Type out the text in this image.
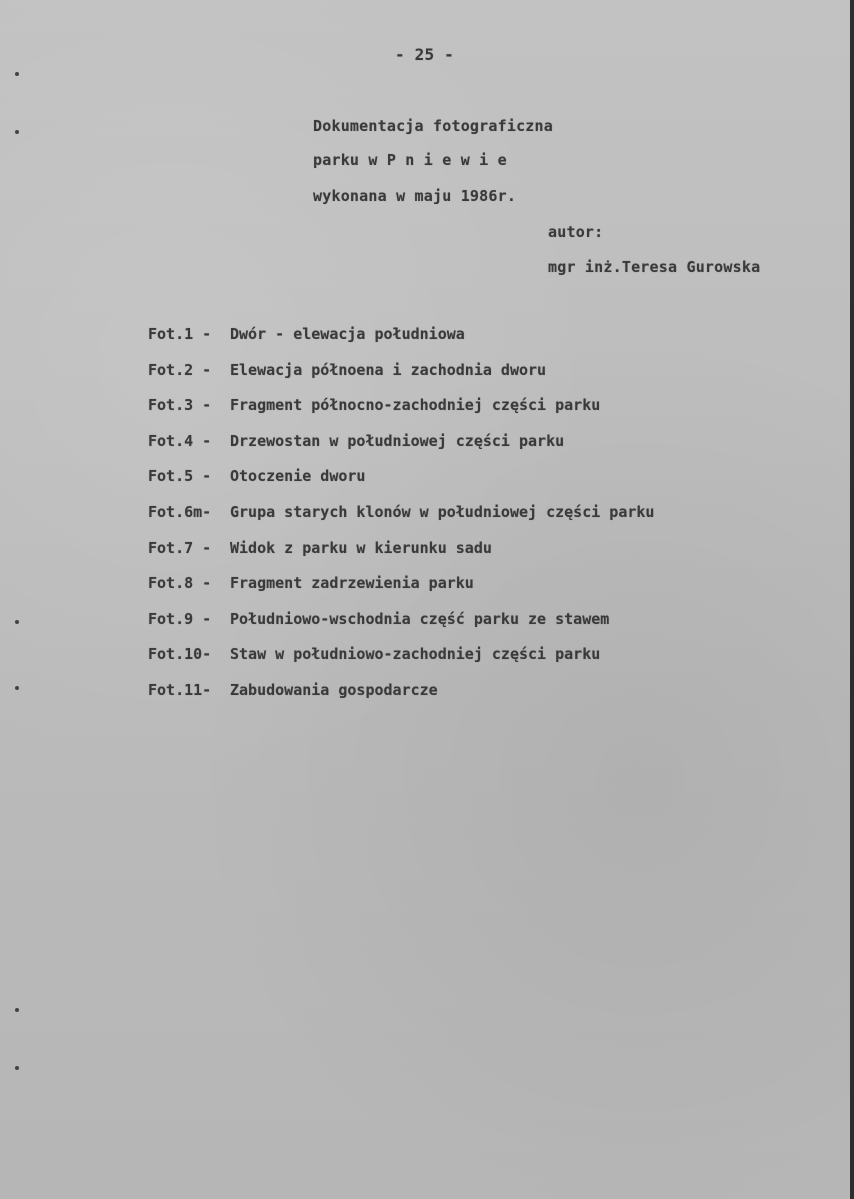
- 25 -
Dokumentacja fotograficzna
parku w P n i e w i e
wykonana w maju 1986r.
autor:
mgr inż.Teresa Gurowska
Fot.1 - Dwór - elewacja południowa
Fot.2 - Elewacja półnoena i zachodnia dworu
Fot.3 - Fragment północno-zachodniej części parku
Fot.4 - Drzewostan w południowej części parku
Fot.5 - Otoczenie dworu
Fot.6m- Grupa starych klonów w południowej części parku
Fot.7 - Widok z parku w kierunku sadu
Fot.8 - Fragment zadrzewienia parku
Fot.9 - Południowo-wschodnia część parku ze stawem
Fot.10- Staw w południowo-zachodniej części parku
Fot.11- Zabudowania gospodarcze
